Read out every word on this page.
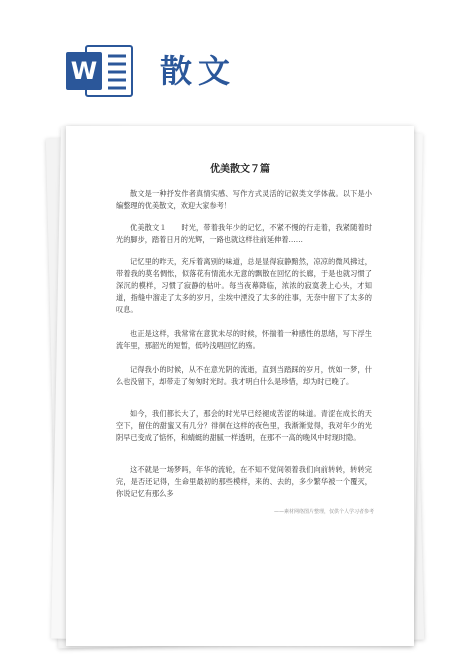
W 散文
优美散文７篇

散文是一种抒发作者真情实感、写作方式灵活的记叙类文学体裁。以下是小编整理的优美散文，欢迎大家参考！

优美散文１　　时光，带着我年少的记忆，不紧不慢的行走着，我紧随着时光的脚步，踏着日月的光辉，一路也就这样往前延伸着……

记忆里的昨天，充斥着离别的味道，总是显得寂静黯然，凉凉的微风拂过，带着我的莫名惆怅，似落花有情流水无意的飘散在回忆的长廊，于是也就习惯了深沉的模样，习惯了寂静的枯叶。每当夜幕降临，浓浓的寂寞袭上心头，才知道，指缝中溜走了太多的岁月，尘埃中湮没了太多的往事，无奈中留下了太多的叹息。

也正是这样，我常常在意犹未尽的时候，怀揣着一种感性的思绪，写下浮生流年里，那韶光的短暂，低吟浅唱回忆的殇。

记得我小的时候，从不在意光阴的流逝，直到当踏踩的岁月，恍如一梦，什么也没留下，却带走了匆匆时光时。我才明白什么是珍惜，却为时已晚了。

如今，我们都长大了，那会的时光早已经褪成苦涩的味道。青涩在成长的天空下，留住的甜蜜又有几分？徘徊在这样的夜色里，我渐渐觉得，我对年少的光阴早已变成了惦怀，和蜻蜓的甜腻一样透明，在那不一高的晚风中时现时隐。

这不就是一场梦吗，年华的流轮，在不知不觉间领着我们向前转转，转转完完，是否还记得，生命里最初的那些模样，来的、去的，多少繁华被一个覆灭，你说记忆有那么多

——素材网络图片整理，仅供个人学习者参考
